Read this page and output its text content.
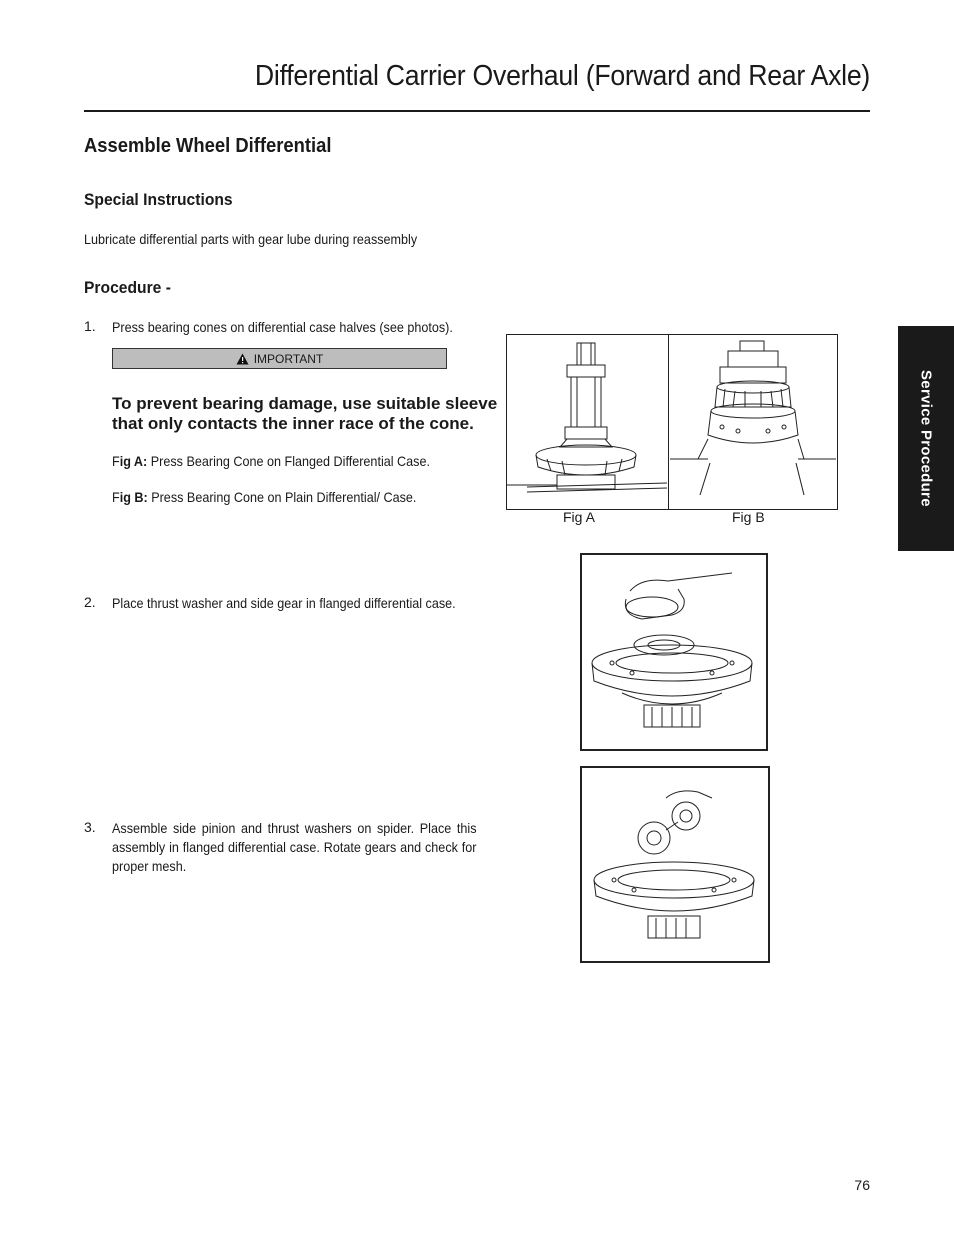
Differential Carrier Overhaul (Forward and Rear Axle)
Assemble Wheel Differential
Special Instructions
Lubricate differential parts with gear lube during reassembly
Procedure -
1. Press bearing cones on differential case halves (see photos).
IMPORTANT
To prevent bearing damage, use suitable sleeve that only contacts the inner race of the cone.
Fig A: Press Bearing Cone on Flanged Differential Case.
Fig B: Press Bearing Cone on Plain Differential/ Case.
2. Place thrust washer and side gear in flanged differential case.
3. Assemble side pinion and thrust washers on spider. Place this assembly in flanged differential case. Rotate gears and check for proper mesh.
Fig A	Fig B
Service Procedure
76
